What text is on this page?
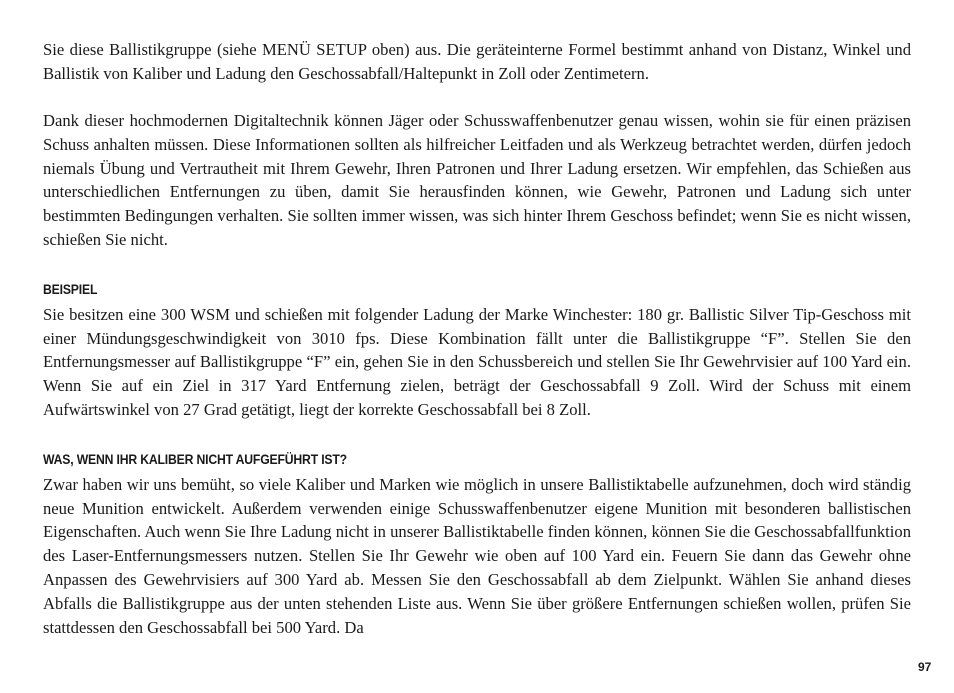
Sie diese Ballistikgruppe (siehe MENÜ SETUP oben) aus. Die geräteinterne Formel bestimmt anhand von Distanz, Winkel und Ballistik von Kaliber und Ladung den Geschossabfall/Haltepunkt in Zoll oder Zentimetern.

Dank dieser hochmodernen Digitaltechnik können Jäger oder Schusswaffenbenutzer genau wissen, wohin sie für einen präzisen Schuss anhalten müssen. Diese Informationen sollten als hilfreicher Leitfaden und als Werkzeug betrachtet werden, dürfen jedoch niemals Übung und Vertrautheit mit Ihrem Gewehr, Ihren Patronen und Ihrer Ladung ersetzen. Wir empfehlen, das Schießen aus unterschiedlichen Entfernungen zu üben, damit Sie herausfinden können, wie Gewehr, Patronen und Ladung sich unter bestimmten Bedingungen verhalten. Sie sollten immer wissen, was sich hinter Ihrem Geschoss befindet; wenn Sie es nicht wissen, schießen Sie nicht.

BEISPIEL

Sie besitzen eine 300 WSM und schießen mit folgender Ladung der Marke Winchester: 180 gr. Ballistic Silver Tip-Geschoss mit einer Mündungsgeschwindigkeit von 3010 fps. Diese Kombination fällt unter die Ballistikgruppe “F”. Stellen Sie den Entfernungsmesser auf Ballistikgruppe “F” ein, gehen Sie in den Schussbereich und stellen Sie Ihr Gewehrvisier auf 100 Yard ein. Wenn Sie auf ein Ziel in 317 Yard Entfernung zielen, beträgt der Geschossabfall 9 Zoll. Wird der Schuss mit einem Aufwärtswinkel von 27 Grad getätigt, liegt der korrekte Geschossabfall bei 8 Zoll.

WAS, WENN IHR KALIBER NICHT AUFGEFÜHRT IST?

Zwar haben wir uns bemüht, so viele Kaliber und Marken wie möglich in unsere Ballistiktabelle aufzunehmen, doch wird ständig neue Munition entwickelt. Außerdem verwenden einige Schusswaffenbenutzer eigene Munition mit besonderen ballistischen Eigenschaften. Auch wenn Sie Ihre Ladung nicht in unserer Ballistiktabelle finden können, können Sie die Geschossabfallfunktion des Laser-Entfernungsmessers nutzen. Stellen Sie Ihr Gewehr wie oben auf 100 Yard ein. Feuern Sie dann das Gewehr ohne Anpassen des Gewehrvisiers auf 300 Yard ab. Messen Sie den Geschossabfall ab dem Zielpunkt. Wählen Sie anhand dieses Abfalls die Ballistikgruppe aus der unten stehenden Liste aus. Wenn Sie über größere Entfernungen schießen wollen, prüfen Sie stattdessen den Geschossabfall bei 500 Yard. Da

97
